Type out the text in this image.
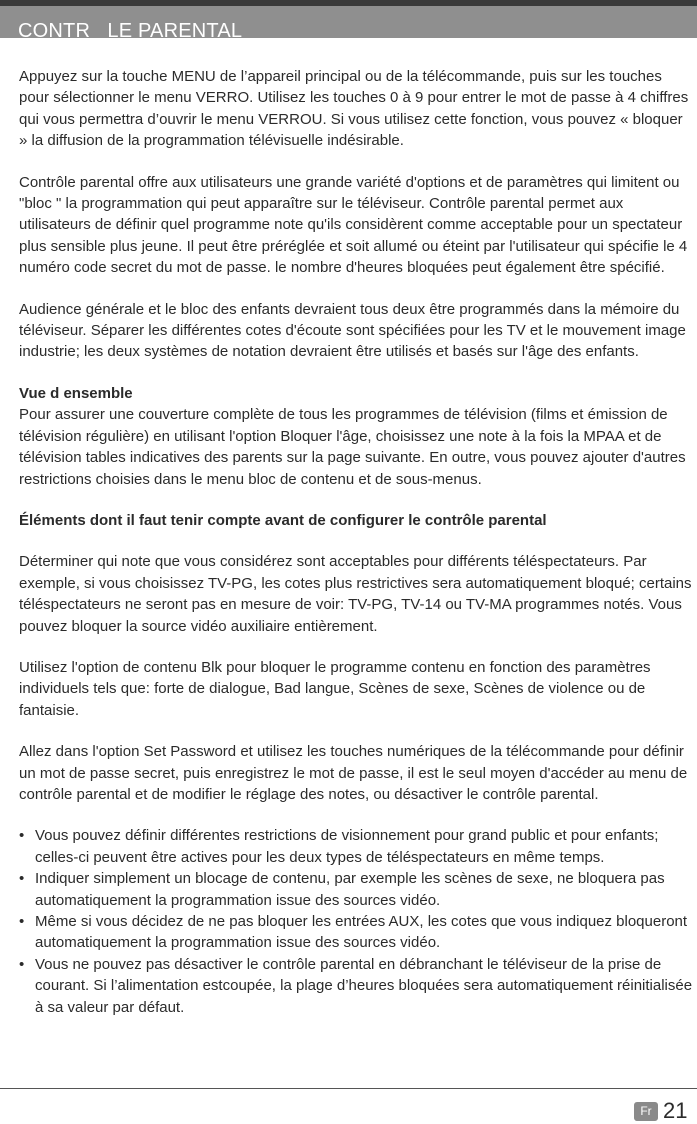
CONTR   LE PARENTAL

Appuyez sur la touche MENU de l’appareil principal ou de la télécommande, puis sur les touches pour sélectionner le menu VERRO. Utilisez les touches 0 à 9 pour entrer le mot de passe à 4 chiffres qui vous permettra d’ouvrir le menu VERROU. Si vous utilisez cette fonction, vous pouvez « bloquer » la diffusion de la programmation télévisuelle indésirable.

Contrôle parental offre aux utilisateurs une grande variété d'options et de paramètres qui limitent ou "bloc " la programmation qui peut apparaître sur le téléviseur. Contrôle parental permet aux utilisateurs de définir quel programme note qu'ils considèrent comme acceptable pour un spectateur plus sensible plus jeune. Il peut être préréglée et soit allumé ou éteint par l'utilisateur qui spécifie le 4 numéro code secret du mot de passe. le nombre d'heures bloquées peut également être spécifié.

Audience générale et le bloc des enfants devraient tous deux être programmés dans la mémoire du téléviseur. Séparer les différentes cotes d'écoute sont spécifiées pour les TV et le mouvement image industrie; les deux systèmes de notation devraient être utilisés et basés sur l'âge des enfants.

Vue d ensemble

Pour assurer une couverture complète de tous les programmes de télévision (films et émission de télévision régulière) en utilisant l'option Bloquer l'âge, choisissez une note à la fois la MPAA et de télévision tables indicatives des parents sur la page suivante. En outre, vous pouvez ajouter d'autres restrictions choisies dans le menu bloc de contenu et de sous-menus.

Éléments dont il faut tenir compte avant de configurer le contrôle parental

Déterminer qui note que vous considérez sont acceptables pour différents téléspectateurs. Par exemple, si vous choisissez TV-PG, les cotes plus restrictives sera automatiquement bloqué; certains téléspectateurs ne seront pas en mesure de voir: TV-PG, TV-14 ou TV-MA programmes notés. Vous pouvez bloquer la source vidéo auxiliaire entièrement.

Utilisez l'option de contenu Blk pour bloquer le programme contenu en fonction des paramètres individuels tels que: forte de dialogue, Bad langue, Scènes de sexe, Scènes de violence ou de fantaisie.

Allez dans l'option Set Password et utilisez les touches numériques de la télécommande pour définir un mot de passe secret, puis enregistrez le mot de passe, il est le seul moyen d'accéder au menu de contrôle parental et de modifier le réglage des notes, ou désactiver le contrôle parental.

• Vous pouvez définir différentes restrictions de visionnement pour grand public et pour enfants; celles-ci peuvent être actives pour les deux types de téléspectateurs en même temps.
• Indiquer simplement un blocage de contenu, par exemple les scènes de sexe, ne bloquera pas automatiquement la programmation issue des sources vidéo.
• Même si vous décidez de ne pas bloquer les entrées AUX, les cotes que vous indiquez bloqueront automatiquement la programmation issue des sources vidéo.
• Vous ne pouvez pas désactiver le contrôle parental en débranchant le téléviseur de la prise de courant. Si l’alimentation estcoupée, la plage d’heures bloquées sera automatiquement réinitialisée à sa valeur par défaut.
Fr 21
